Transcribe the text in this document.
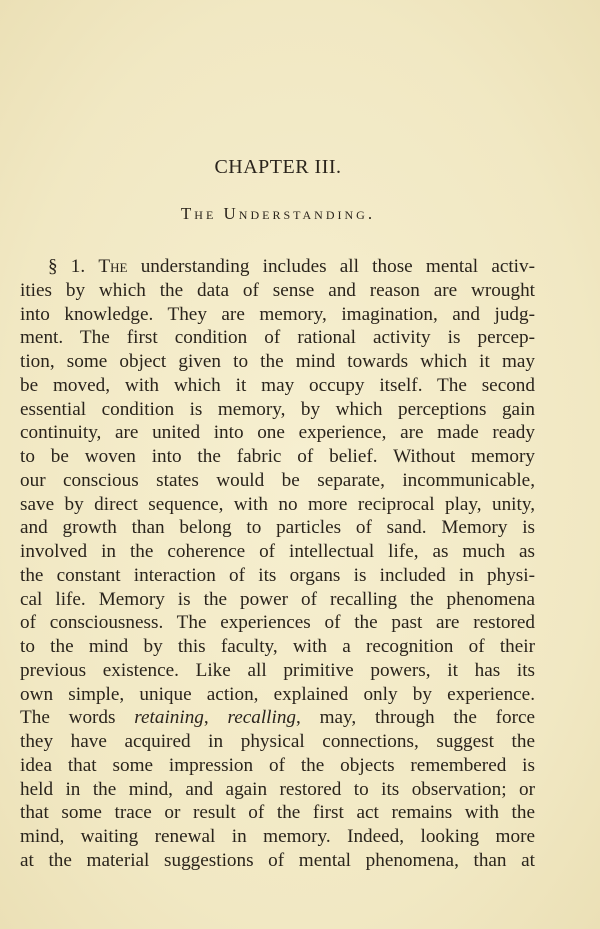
CHAPTER III.
The Understanding.
§ 1. The understanding includes all those mental activ-
ities by which the data of sense and reason are wrought
into knowledge. They are memory, imagination, and judg-
ment. The first condition of rational activity is percep-
tion, some object given to the mind towards which it may
be moved, with which it may occupy itself. The second
essential condition is memory, by which perceptions gain
continuity, are united into one experience, are made ready
to be woven into the fabric of belief. Without memory
our conscious states would be separate, incommunicable,
save by direct sequence, with no more reciprocal play, unity,
and growth than belong to particles of sand. Memory is
involved in the coherence of intellectual life, as much as
the constant interaction of its organs is included in physi-
cal life. Memory is the power of recalling the phenomena
of consciousness. The experiences of the past are restored
to the mind by this faculty, with a recognition of their
previous existence. Like all primitive powers, it has its
own simple, unique action, explained only by experience.
The words retaining, recalling, may, through the force
they have acquired in physical connections, suggest the
idea that some impression of the objects remembered is
held in the mind, and again restored to its observation; or
that some trace or result of the first act remains with the
mind, waiting renewal in memory. Indeed, looking more
at the material suggestions of mental phenomena, than at
